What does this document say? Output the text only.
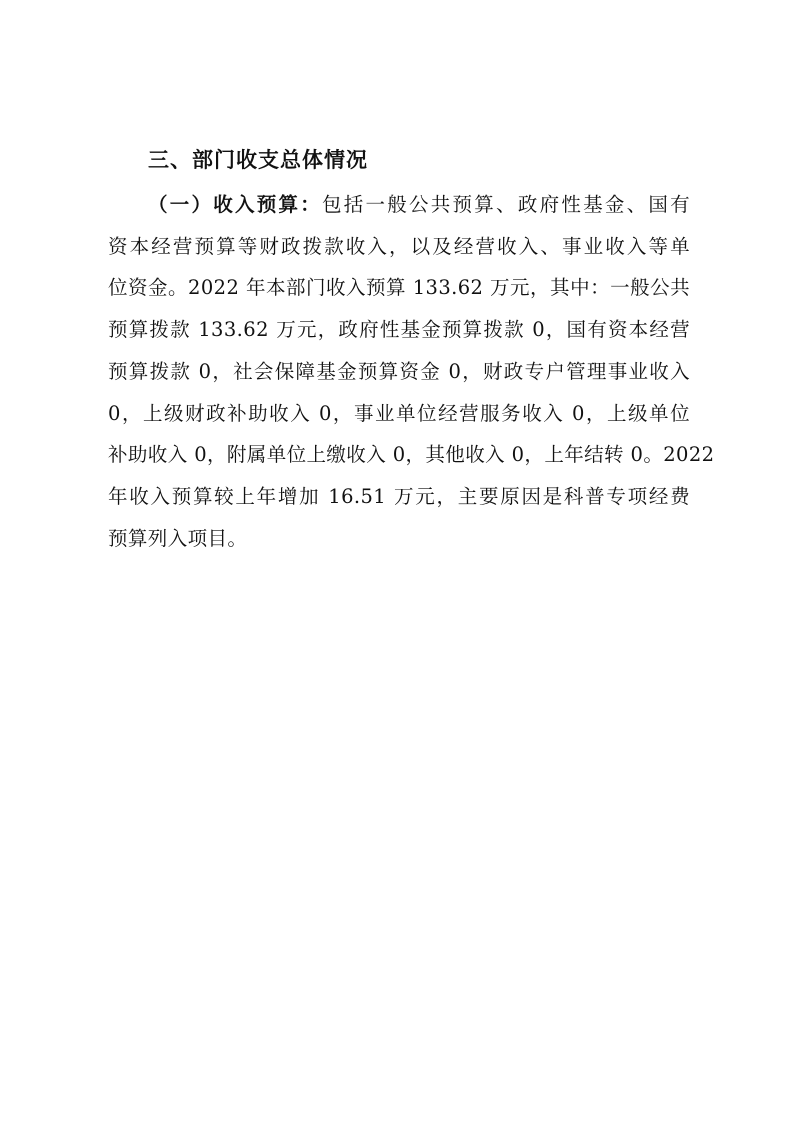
三、部门收支总体情况
（一）收入预算：包括一般公共预算、政府性基金、国有
资本经营预算等财政拨款收入，以及经营收入、事业收入等单
位资金。2022 年本部门收入预算 133.62 万元，其中：一般公共
预算拨款 133.62 万元，政府性基金预算拨款 0，国有资本经营
预算拨款 0，社会保障基金预算资金 0，财政专户管理事业收入
0，上级财政补助收入 0，事业单位经营服务收入 0，上级单位
补助收入 0，附属单位上缴收入 0，其他收入 0，上年结转 0。2022
年收入预算较上年增加 16.51 万元，主要原因是科普专项经费
预算列入项目。
